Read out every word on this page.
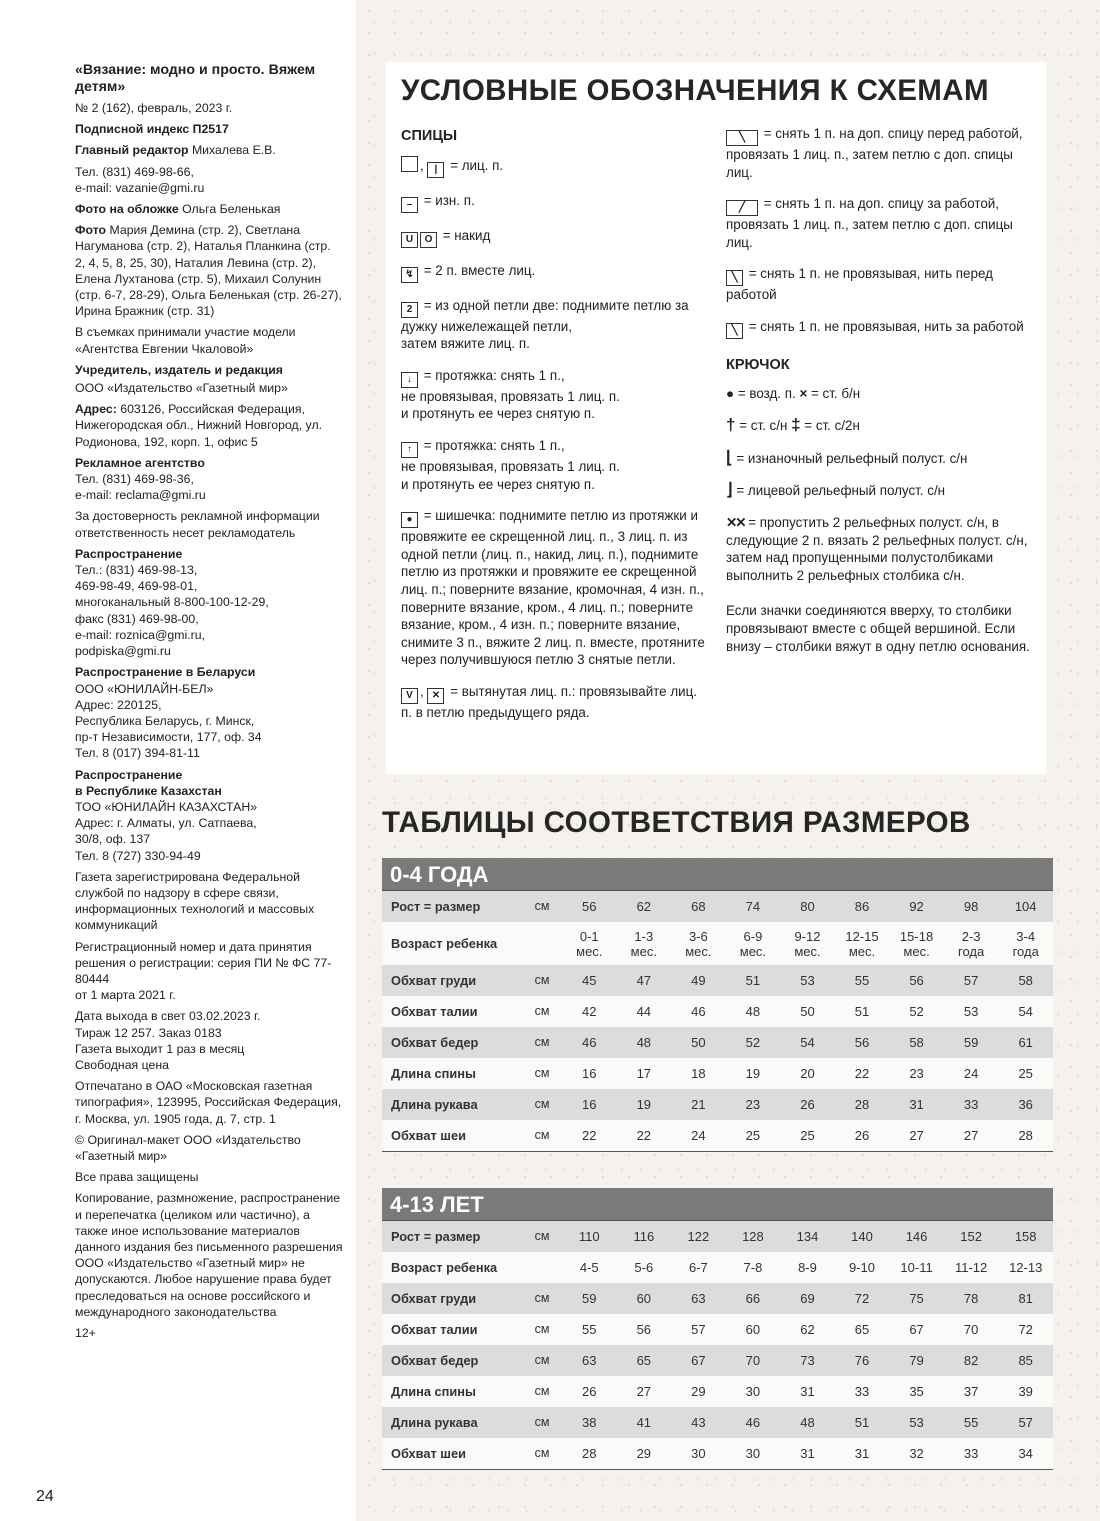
«Вязание: модно и просто. Вяжем детям»

№ 2 (162), февраль, 2023 г.

Подписной индекс П2517

Главный редактор Михалева Е.В.

Тел. (831) 469-98-66,
e-mail: vazanie@gmi.ru

Фото на обложке Ольга Беленькая

Фото Мария Демина (стр. 2), Светлана Нагуманова (стр. 2), Наталья Планкина (стр. 2, 4, 5, 8, 25, 30), Наталия Левина (стр. 2), Елена Лухтанова (стр. 5), Михаил Солунин (стр. 6-7, 28-29), Ольга Беленькая (стр. 26-27), Ирина Бражник (стр. 31)

В съемках принимали участие модели «Агентства Евгении Чкаловой»

Учредитель, издатель и редакция

ООО «Издательство «Газетный мир»

Адрес: 603126, Российская Федерация, Нижегородская обл., Нижний Новгород, ул. Родионова, 192, корп. 1, офис 5

Рекламное агентство

Тел. (831) 469-98-36,
e-mail: reclama@gmi.ru

За достоверность рекламной информации ответственность несет рекламодатель

Распространение

Тел.: (831) 469-98-13,
469-98-49, 469-98-01,
многоканальный 8-800-100-12-29,
факс (831) 469-98-00,
e-mail: roznica@gmi.ru,
podpiska@gmi.ru

Распространение в Беларуси

ООО «ЮНИЛАЙН-БЕЛ»
Адрес: 220125,
Республика Беларусь, г. Минск,
пр-т Независимости, 177, оф. 34
Тел. 8 (017) 394-81-11

Распространение
в Республике Казахстан

ТОО «ЮНИЛАЙН КАЗАХСТАН»
Адрес: г. Алматы, ул. Сатпаева,
30/8, оф. 137
Тел. 8 (727) 330-94-49

Газета зарегистрирована Федеральной службой по надзору в сфере связи, информационных технологий и массовых коммуникаций

Регистрационный номер и дата принятия решения о регистрации: серия ПИ № ФС 77-80444
от 1 марта 2021 г.

Дата выхода в свет 03.02.2023 г.
Тираж 12 257. Заказ 0183
Газета выходит 1 раз в месяц
Свободная цена

Отпечатано в ОАО «Московская газетная типография», 123995, Российская Федерация, г. Москва, ул. 1905 года, д. 7, стр. 1

© Оригинал-макет ООО «Издательство «Газетный мир»

Все права защищены

Копирование, размножение, распространение и перепечатка (целиком или частично), а также иное использование материалов данного издания без письменного разрешения ООО «Издательство «Газетный мир» не допускаются. Любое нарушение права будет преследоваться на основе российского и международного законодательства

12+

24
УСЛОВНЫЕ ОБОЗНАЧЕНИЯ К СХЕМАМ
СПИЦЫ
, | = лиц. п.
– = изн. п.
U O = накид
↯ = 2 п. вместе лиц.
2 = из одной петли две: поднимите петлю за дужку нижележащей петли,
затем вяжите лиц. п.
↓ = протяжка: снять 1 п.,
не провязывая, провязать 1 лиц. п.
и протянуть ее через снятую п.
↑ = протяжка: снять 1 п.,
не провязывая, провязать 1 лиц. п.
и протянуть ее через снятую п.
● = шишечка: поднимите петлю из протяжки и провяжите ее скрещенной лиц. п., 3 лиц. п. из одной петли (лиц. п., накид, лиц. п.), поднимите петлю из протяжки и провяжите ее скрещенной лиц. п.; поверните вязание, кромочная, 4 изн. п., поверните вязание, кром., 4 лиц. п.; поверните вязание, кром., 4 изн. п.; поверните вязание, снимите 3 п., вяжите 2 лиц. п. вместе, протяните через получившуюся петлю 3 снятые петли.
V , ✕ = вытянутая лиц. п.: провязывайте лиц. п. в петлю предыдущего ряда.
╲ = снять 1 п. на доп. спицу перед работой, провязать 1 лиц. п., затем петлю с доп. спицы лиц.
╱ = снять 1 п. на доп. спицу за работой, провязать 1 лиц. п., затем петлю с доп. спицы лиц.
╲ = снять 1 п. не провязывая, нить перед работой
╲ = снять 1 п. не провязывая, нить за работой
КРЮЧОК
● = возд. п. × = ст. б/н
† = ст. с/н ‡ = ст. с/2н
⌊ = изнаночный рельефный полуст. с/н
⌋ = лицевой рельефный полуст. с/н
✕✕ = пропустить 2 рельефных полуст. с/н, в следующие 2 п. вязать 2 рельефных полуст. с/н, затем над пропущенными полустолбиками выполнить 2 рельефных столбика с/н.
Если значки соединяются вверху, то столбики провязывают вместе с общей вершиной. Если внизу – столбики вяжут в одну петлю основания.
ТАБЛИЦЫ СООТВЕТСТВИЯ РАЗМЕРОВ
0-4 ГОДА										
Рост = размер	см	56	62	68	74	80	86	92	98	104
Возраст ребенка		0-1 мес.	1-3 мес.	3-6 мес.	6-9 мес.	9-12 мес.	12-15 мес.	15-18 мес.	2-3 года	3-4 года
Обхват груди	см	45	47	49	51	53	55	56	57	58
Обхват талии	см	42	44	46	48	50	51	52	53	54
Обхват бедер	см	46	48	50	52	54	56	58	59	61
Длина спины	см	16	17	18	19	20	22	23	24	25
Длина рукава	см	16	19	21	23	26	28	31	33	36
Обхват шеи	см	22	22	24	25	25	26	27	27	28
4-13 ЛЕТ										
Рост = размер	см	110	116	122	128	134	140	146	152	158
Возраст ребенка		4-5	5-6	6-7	7-8	8-9	9-10	10-11	11-12	12-13
Обхват груди	см	59	60	63	66	69	72	75	78	81
Обхват талии	см	55	56	57	60	62	65	67	70	72
Обхват бедер	см	63	65	67	70	73	76	79	82	85
Длина спины	см	26	27	29	30	31	33	35	37	39
Длина рукава	см	38	41	43	46	48	51	53	55	57
Обхват шеи	см	28	29	30	30	31	31	32	33	34
